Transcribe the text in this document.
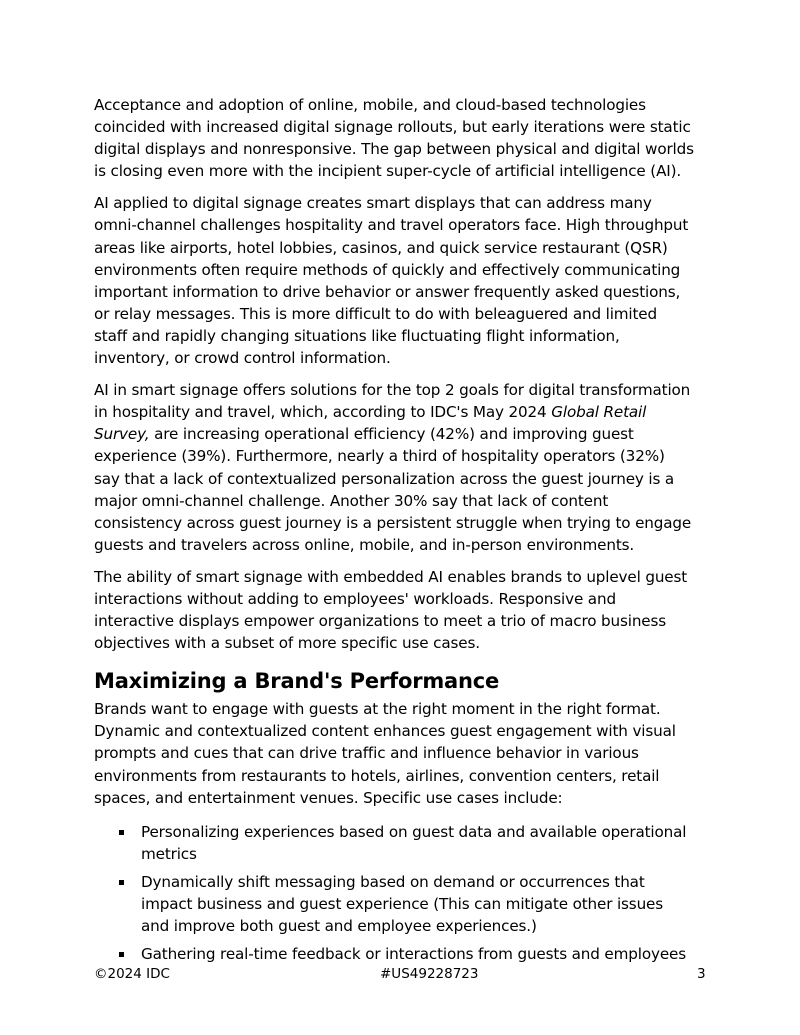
Acceptance and adoption of online, mobile, and cloud-based technologies coincided with increased digital signage rollouts, but early iterations were static digital displays and nonresponsive. The gap between physical and digital worlds is closing even more with the incipient super-cycle of artificial intelligence (AI).

AI applied to digital signage creates smart displays that can address many omni-channel challenges hospitality and travel operators face. High throughput areas like airports, hotel lobbies, casinos, and quick service restaurant (QSR) environments often require methods of quickly and effectively communicating important information to drive behavior or answer frequently asked questions, or relay messages. This is more difficult to do with beleaguered and limited staff and rapidly changing situations like fluctuating flight information, inventory, or crowd control information.

AI in smart signage offers solutions for the top 2 goals for digital transformation in hospitality and travel, which, according to IDC's May 2024 Global Retail Survey, are increasing operational efficiency (42%) and improving guest experience (39%). Furthermore, nearly a third of hospitality operators (32%) say that a lack of contextualized personalization across the guest journey is a major omni-channel challenge. Another 30% say that lack of content consistency across guest journey is a persistent struggle when trying to engage guests and travelers across online, mobile, and in-person environments.

The ability of smart signage with embedded AI enables brands to uplevel guest interactions without adding to employees' workloads. Responsive and interactive displays empower organizations to meet a trio of macro business objectives with a subset of more specific use cases.

Maximizing a Brand's Performance

Brands want to engage with guests at the right moment in the right format. Dynamic and contextualized content enhances guest engagement with visual prompts and cues that can drive traffic and influence behavior in various environments from restaurants to hotels, airlines, convention centers, retail spaces, and entertainment venues. Specific use cases include:

Personalizing experiences based on guest data and available operational metrics
Dynamically shift messaging based on demand or occurrences that impact business and guest experience (This can mitigate other issues and improve both guest and employee experiences.)
Gathering real-time feedback or interactions from guests and employees
©2024 IDC	#US49228723	3
